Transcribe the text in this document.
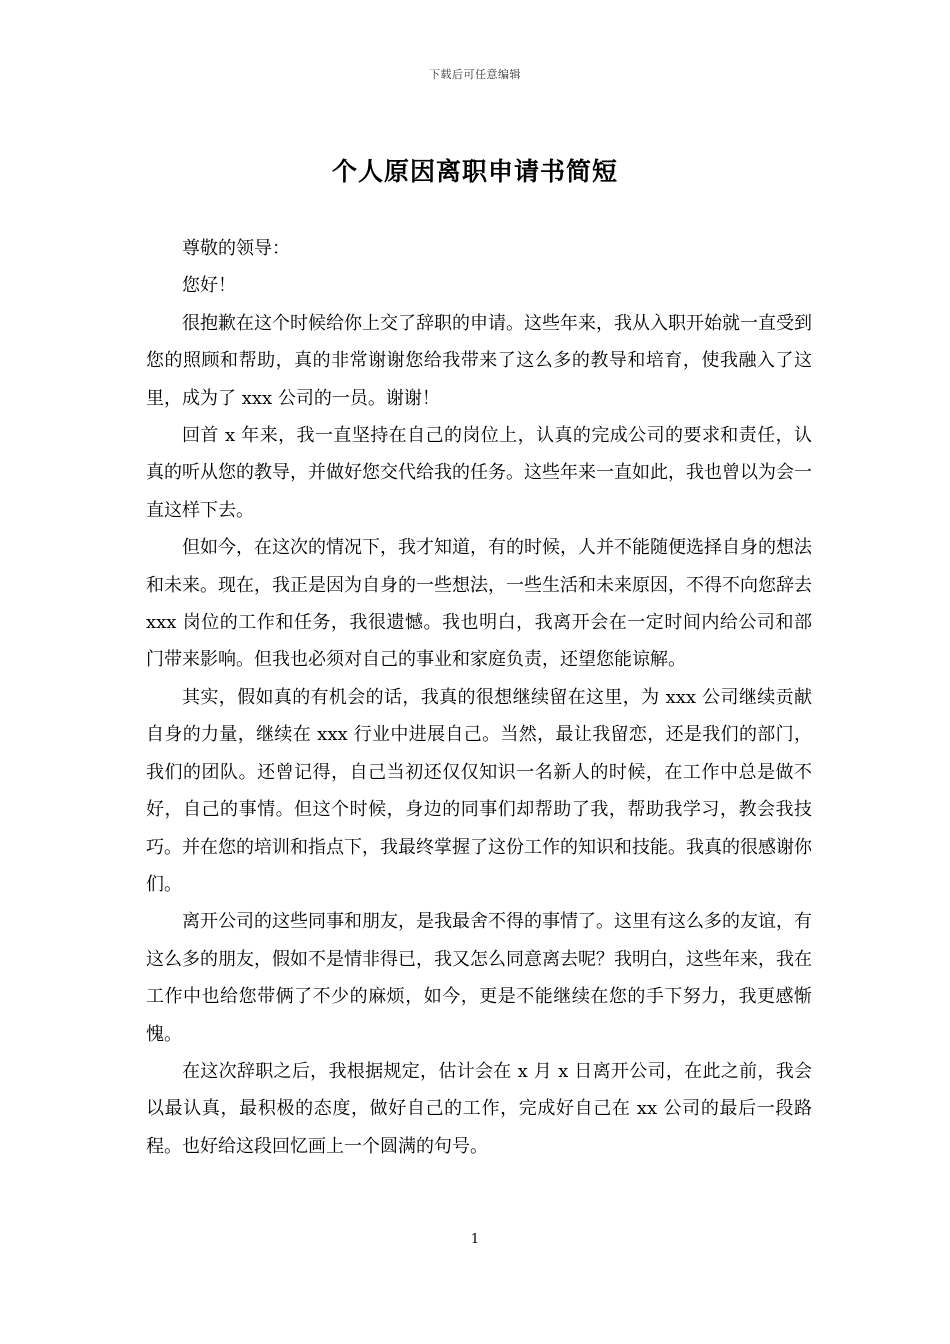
下载后可任意编辑
个人原因离职申请书简短

尊敬的领导：

您好！

很抱歉在这个时候给你上交了辞职的申请。这些年来，我从入职开始就一直受到您的照顾和帮助，真的非常谢谢您给我带来了这么多的教导和培育，使我融入了这里，成为了 xxx 公司的一员。谢谢！

回首 x 年来，我一直坚持在自己的岗位上，认真的完成公司的要求和责任，认真的听从您的教导，并做好您交代给我的任务。这些年来一直如此，我也曾以为会一直这样下去。

但如今，在这次的情况下，我才知道，有的时候，人并不能随便选择自身的想法和未来。现在，我正是因为自身的一些想法，一些生活和未来原因，不得不向您辞去 xxx 岗位的工作和任务，我很遗憾。我也明白，我离开会在一定时间内给公司和部门带来影响。但我也必须对自己的事业和家庭负责，还望您能谅解。

其实，假如真的有机会的话，我真的很想继续留在这里，为 xxx 公司继续贡献自身的力量，继续在 xxx 行业中进展自己。当然，最让我留恋，还是我们的部门，我们的团队。还曾记得，自己当初还仅仅知识一名新人的时候，在工作中总是做不好，自己的事情。但这个时候，身边的同事们却帮助了我，帮助我学习，教会我技巧。并在您的培训和指点下，我最终掌握了这份工作的知识和技能。我真的很感谢你们。

离开公司的这些同事和朋友，是我最舍不得的事情了。这里有这么多的友谊，有这么多的朋友，假如不是情非得已，我又怎么同意离去呢？我明白，这些年来，我在工作中也给您带俩了不少的麻烦，如今，更是不能继续在您的手下努力，我更感惭愧。

在这次辞职之后，我根据规定，估计会在 x 月 x 日离开公司，在此之前，我会以最认真，最积极的态度，做好自己的工作，完成好自己在 xx 公司的最后一段路程。也好给这段回忆画上一个圆满的句号。

1
